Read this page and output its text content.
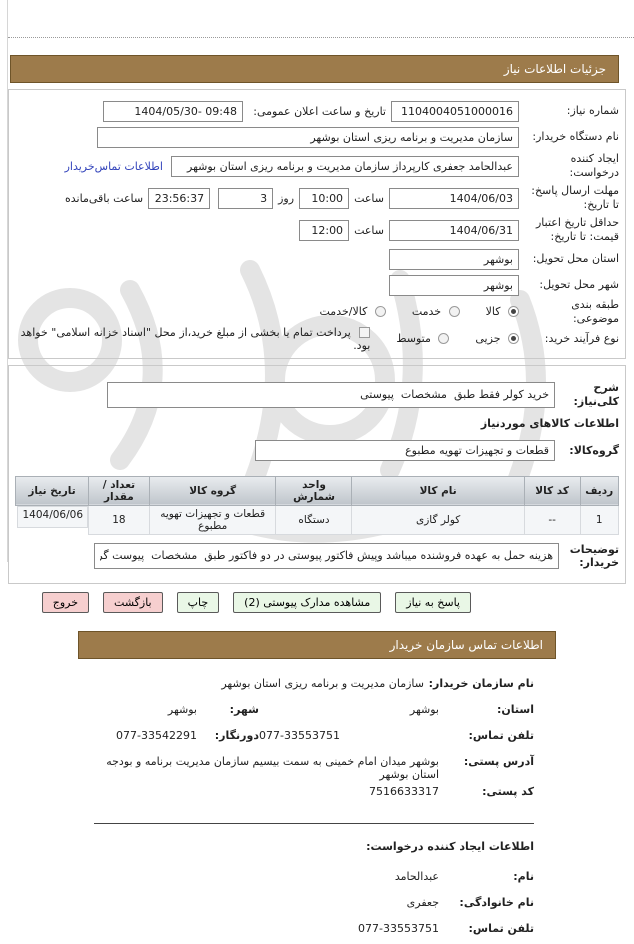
جزئیات اطلاعات نیاز
شماره نیاز:
1104004051000016
تاریخ و ساعت اعلان عمومی:
1404/05/30- 09:48
نام دستگاه خریدار:
سازمان مدیریت و برنامه ریزی استان بوشهر
ایجاد کننده درخواست:
عبدالحامد جعفری کارپرداز سازمان مدیریت و برنامه ریزی استان بوشهر
اطلاعات تماس‌خریدار
مهلت ارسال پاسخ: تا تاریخ:
1404/06/03
ساعت
10:00
روز
3
23:56:37
ساعت باقی‌مانده
حداقل تاریخ اعتبار قیمت: تا تاریخ:
1404/06/31
ساعت
12:00
استان محل تحویل:
بوشهر
شهر محل تحویل:
بوشهر
طبقه بندی موضوعی:
کالا
خدمت
کالا/خدمت
نوع فرآیند خرید:
جزیی
متوسط
پرداخت تمام یا بخشی از مبلغ خرید،از محل "اسناد خزانه اسلامی" خواهد بود.
شرح کلی‌نیاز:
خرید کولر فقط طبق مشخصات پیوستی
اطلاعات کالاهای موردنیاز
گروه‌کالا:
قطعات و تجهیزات تهویه مطبوع
ردیف	کد کالا	نام کالا	واحد شمارش	گروه کالا	تعداد / مقدار	تاریخ نیاز
1	--	کولر گازی	دستگاه	قطعات و تجهیزات تهویه مطبوع	18	1404/06/06
توضیحات خریدار:
هزینه حمل به عهده فروشنده میباشد وپیش فاکتور پیوستی در دو فاکتور طبق مشخصات پیوست گردد
پاسخ به نیاز
مشاهده مدارک پیوستی (2)
چاپ
بازگشت
خروج
اطلاعات تماس سازمان خریدار
نام سازمان خریدار:
سازمان مدیریت و برنامه ریزی استان بوشهر
استان:
بوشهر
شهر:
بوشهر
تلفن تماس:
077-33553751
دورنگار:
077-33542291
آدرس پستی:
بوشهر میدان امام خمینی به سمت بیسیم سازمان مدیریت برنامه و بودجه استان بوشهر
کد پستی:
7516633317
اطلاعات ایجاد کننده درخواست:
نام:
عبدالحامد
نام خانوادگی:
جعفری
تلفن تماس:
077-33553751
